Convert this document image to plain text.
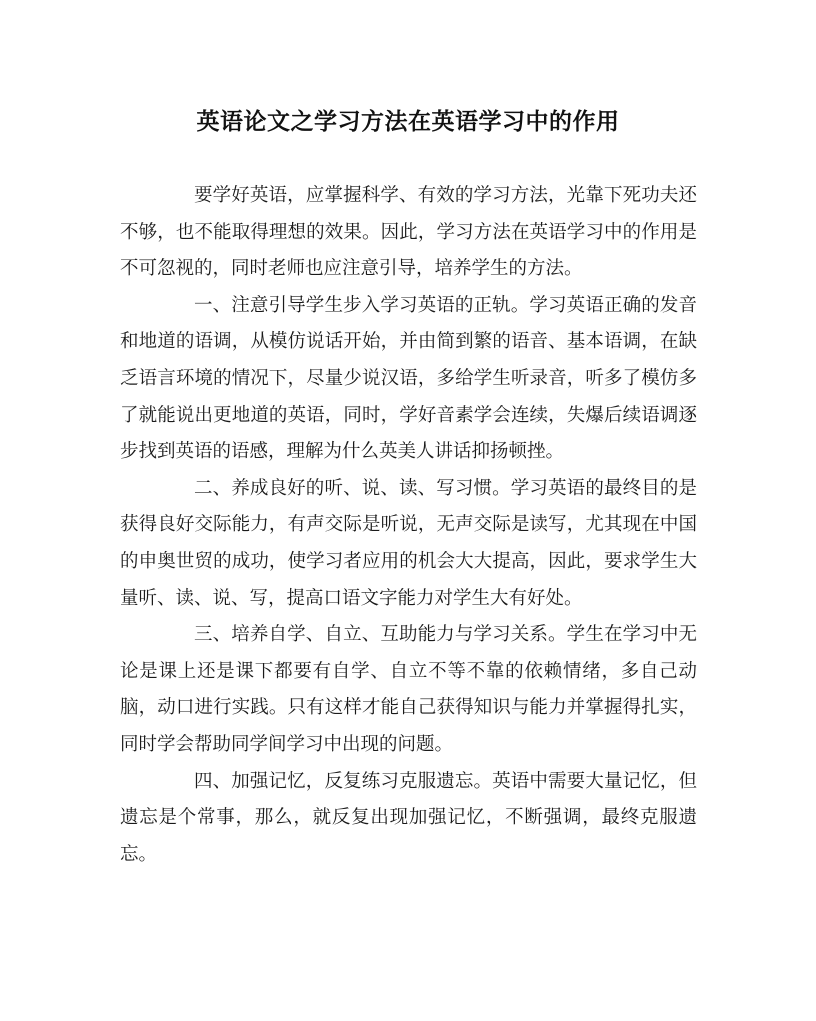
英语论文之学习方法在英语学习中的作用

要学好英语，应掌握科学、有效的学习方法，光靠下死功夫还不够，也不能取得理想的效果。因此，学习方法在英语学习中的作用是不可忽视的，同时老师也应注意引导，培养学生的方法。

一、注意引导学生步入学习英语的正轨。学习英语正确的发音和地道的语调，从模仿说话开始，并由简到繁的语音、基本语调，在缺乏语言环境的情况下，尽量少说汉语，多给学生听录音，听多了模仿多了就能说出更地道的英语，同时，学好音素学会连续，失爆后续语调逐步找到英语的语感，理解为什么英美人讲话抑扬顿挫。

二、养成良好的听、说、读、写习惯。学习英语的最终目的是获得良好交际能力，有声交际是听说，无声交际是读写，尤其现在中国的申奥世贸的成功，使学习者应用的机会大大提高，因此，要求学生大量听、读、说、写，提高口语文字能力对学生大有好处。

三、培养自学、自立、互助能力与学习关系。学生在学习中无论是课上还是课下都要有自学、自立不等不靠的依赖情绪，多自己动脑，动口进行实践。只有这样才能自己获得知识与能力并掌握得扎实，同时学会帮助同学间学习中出现的问题。

四、加强记忆，反复练习克服遗忘。英语中需要大量记忆，但遗忘是个常事，那么，就反复出现加强记忆，不断强调，最终克服遗忘。
